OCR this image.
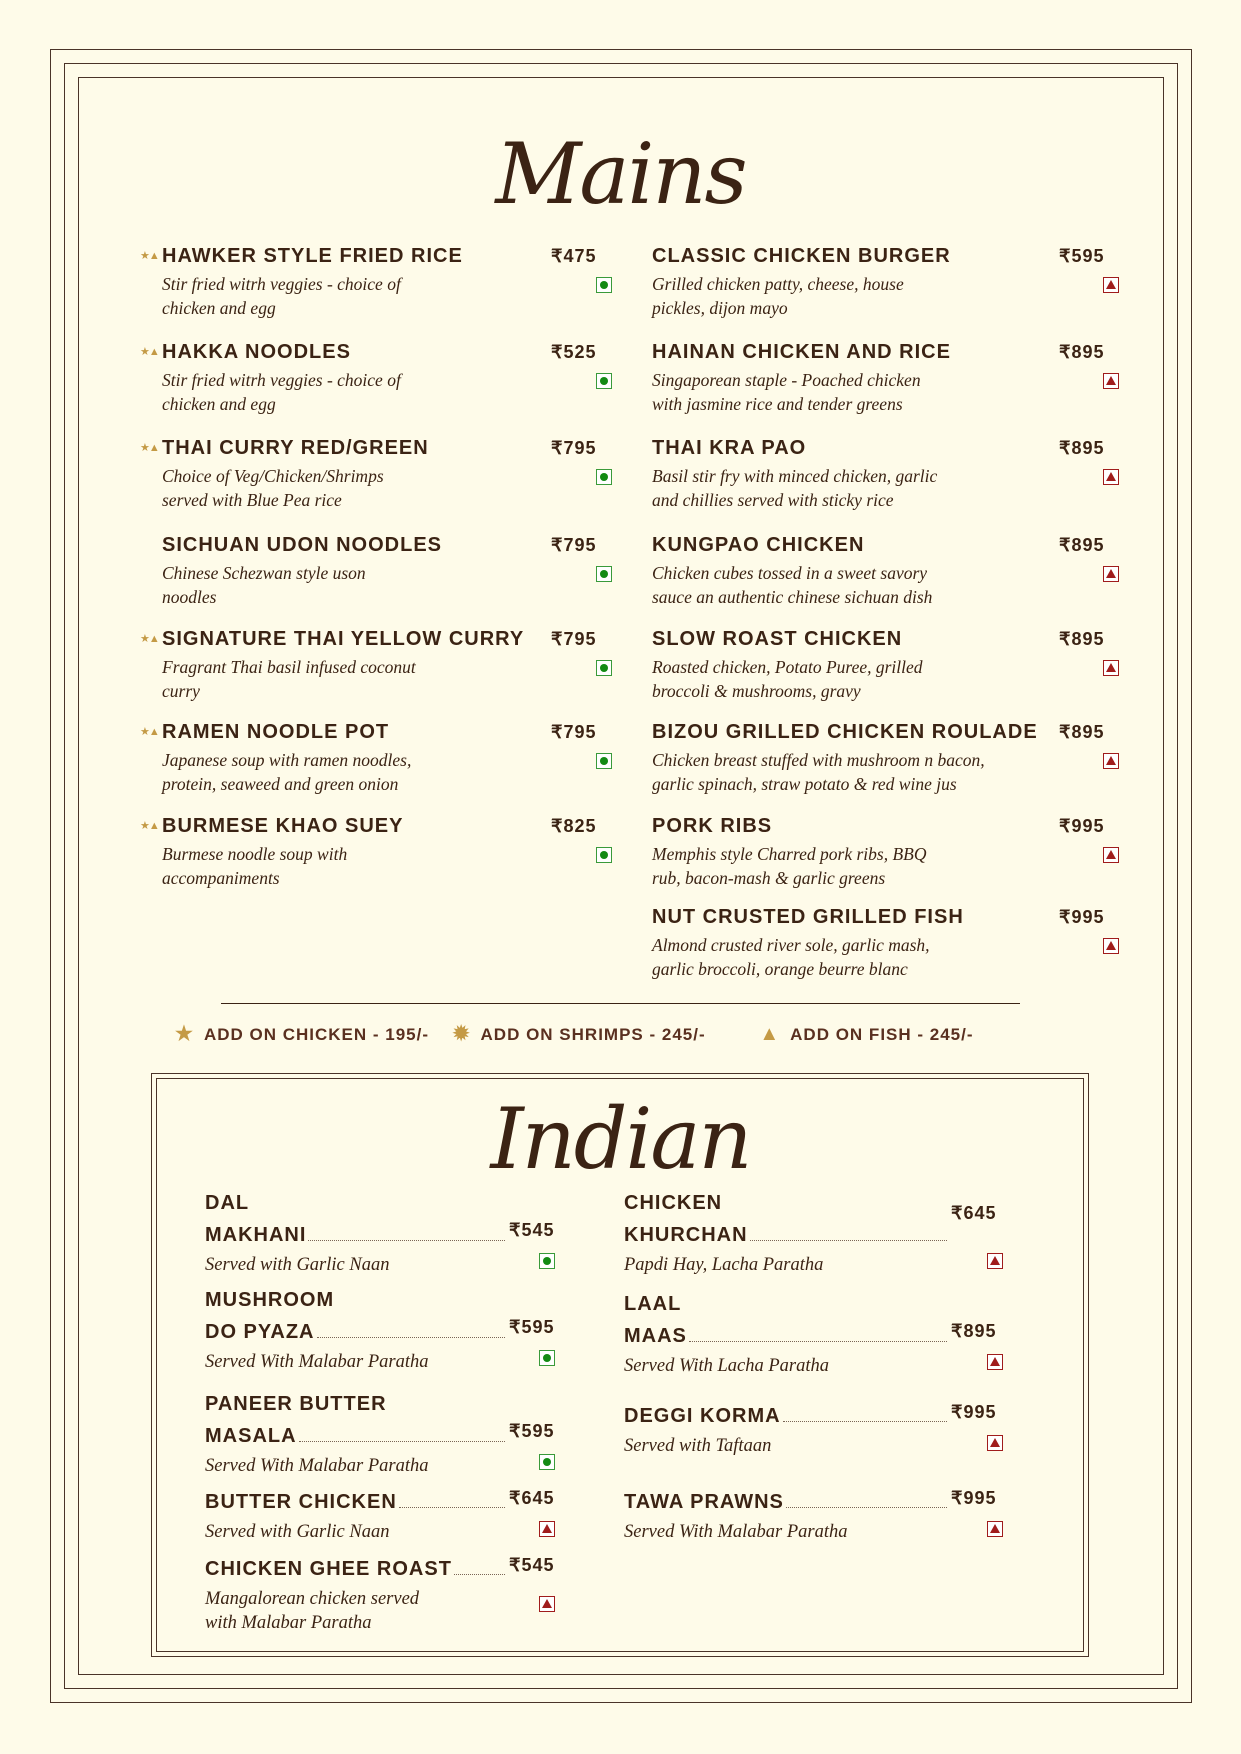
Mains
HAWKER STYLE FRIED RICE
Stir fried witrh veggies - choice of
chicken and egg
₹475
★▲
HAKKA NOODLES
Stir fried witrh veggies - choice of
chicken and egg
₹525
★▲
THAI CURRY RED/GREEN
Choice of Veg/Chicken/Shrimps
served with Blue Pea rice
₹795
★▲
SICHUAN UDON NOODLES
Chinese Schezwan style uson
noodles
₹795
SIGNATURE THAI YELLOW CURRY
Fragrant Thai basil infused coconut
curry
₹795
★▲
RAMEN NOODLE POT
Japanese soup with ramen noodles,
protein, seaweed and green onion
₹795
★▲
BURMESE KHAO SUEY
Burmese noodle soup with
accompaniments
₹825
★▲
CLASSIC CHICKEN BURGER
Grilled chicken patty, cheese, house
pickles, dijon mayo
₹595
HAINAN CHICKEN AND RICE
Singaporean staple - Poached chicken
with jasmine rice and tender greens
₹895
THAI KRA PAO
Basil stir fry with minced chicken, garlic
and chillies served with sticky rice
₹895
KUNGPAO CHICKEN
Chicken cubes tossed in a sweet savory
sauce an authentic chinese sichuan dish
₹895
SLOW ROAST CHICKEN
Roasted chicken, Potato Puree, grilled
broccoli & mushrooms, gravy
₹895
BIZOU GRILLED CHICKEN ROULADE
Chicken breast stuffed with mushroom n bacon,
garlic spinach, straw potato & red wine jus
₹895
PORK RIBS
Memphis style Charred pork ribs, BBQ
rub, bacon-mash & garlic greens
₹995
NUT CRUSTED GRILLED FISH
Almond crusted river sole, garlic mash,
garlic broccoli, orange beurre blanc
₹995
★ ADD ON CHICKEN - 195/- ✹ ADD ON SHRIMPS - 245/-	▲ ADD ON FISH - 245/-
Indian
DAL
MAKHANI
Served with Garlic Naan
₹545
MUSHROOM
DO PYAZA
Served With Malabar Paratha
₹595
PANEER BUTTER
MASALA
Served With Malabar Paratha
₹595
BUTTER CHICKEN
Served with Garlic Naan
₹645
CHICKEN GHEE ROAST
Mangalorean chicken served
with Malabar Paratha
₹545
CHICKEN
KHURCHAN
Papdi Hay, Lacha Paratha
₹645
LAAL
MAAS
Served With Lacha Paratha
₹895
DEGGI KORMA
Served with Taftaan
₹995
TAWA PRAWNS
Served With Malabar Paratha
₹995
